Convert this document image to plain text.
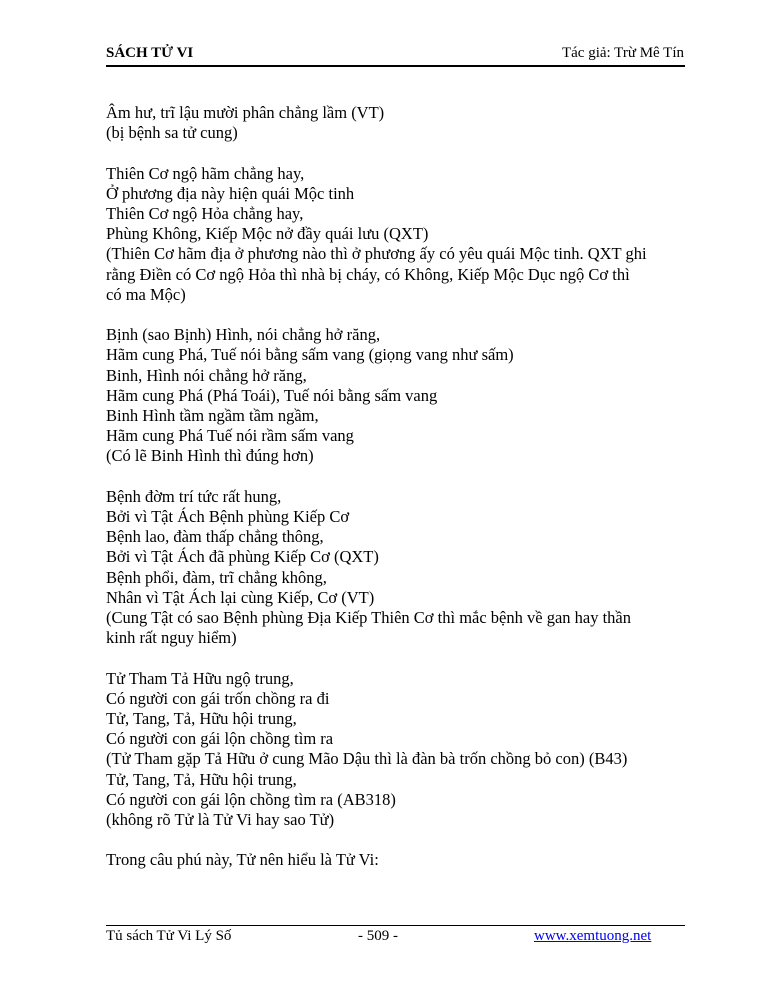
SÁCH TỬ VI	Tác giả: Trừ Mê Tín
Âm hư, trĩ lậu mười phân chẳng lầm (VT)
(bị bệnh sa tử cung)
Thiên Cơ ngộ hãm chẳng hay,
Ở phương địa này hiện quái Mộc tinh
Thiên Cơ ngộ Hỏa chẳng hay,
Phùng Không, Kiếp Mộc nở đầy quái lưu (QXT)
(Thiên Cơ hãm địa ở phương nào thì ở phương ấy có yêu quái Mộc tinh. QXT ghi
rằng Điền có Cơ ngộ Hỏa thì nhà bị cháy, có Không, Kiếp Mộc Dục ngộ Cơ thì
có ma Mộc)
Bịnh (sao Bịnh) Hình, nói chẳng hở răng,
Hãm cung Phá, Tuế nói bằng sấm vang (giọng vang như sấm)
Binh, Hình nói chẳng hở răng,
Hãm cung Phá (Phá Toái), Tuế nói bằng sấm vang
Binh Hình tầm ngầm tầm ngầm,
Hãm cung Phá Tuế nói rầm sấm vang
(Có lẽ Binh Hình thì đúng hơn)
Bệnh đờm trí tức rất hung,
Bởi vì Tật Ách Bệnh phùng Kiếp Cơ
Bệnh lao, đàm thấp chẳng thông,
Bởi vì Tật Ách đã phùng Kiếp Cơ (QXT)
Bệnh phổi, đàm, trĩ chẳng không,
Nhân vì Tật Ách lại cùng Kiếp, Cơ (VT)
(Cung Tật có sao Bệnh phùng Địa Kiếp Thiên Cơ thì mắc bệnh về gan hay thần
kinh rất nguy hiểm)
Tử Tham Tả Hữu ngộ trung,
Có người con gái trốn chồng ra đi
Tử, Tang, Tả, Hữu hội trung,
Có người con gái lộn chồng tìm ra
(Tử Tham gặp Tả Hữu ở cung Mão Dậu thì là đàn bà trốn chồng bỏ con) (B43)
Tử, Tang, Tả, Hữu hội trung,
Có người con gái lộn chồng tìm ra (AB318)
(không rõ Tử là Tử Vi hay sao Tử)
Trong câu phú này, Tử nên hiểu là Tử Vi:
Tủ sách Tử Vi Lý Số	- 509 -	www.xemtuong.net
